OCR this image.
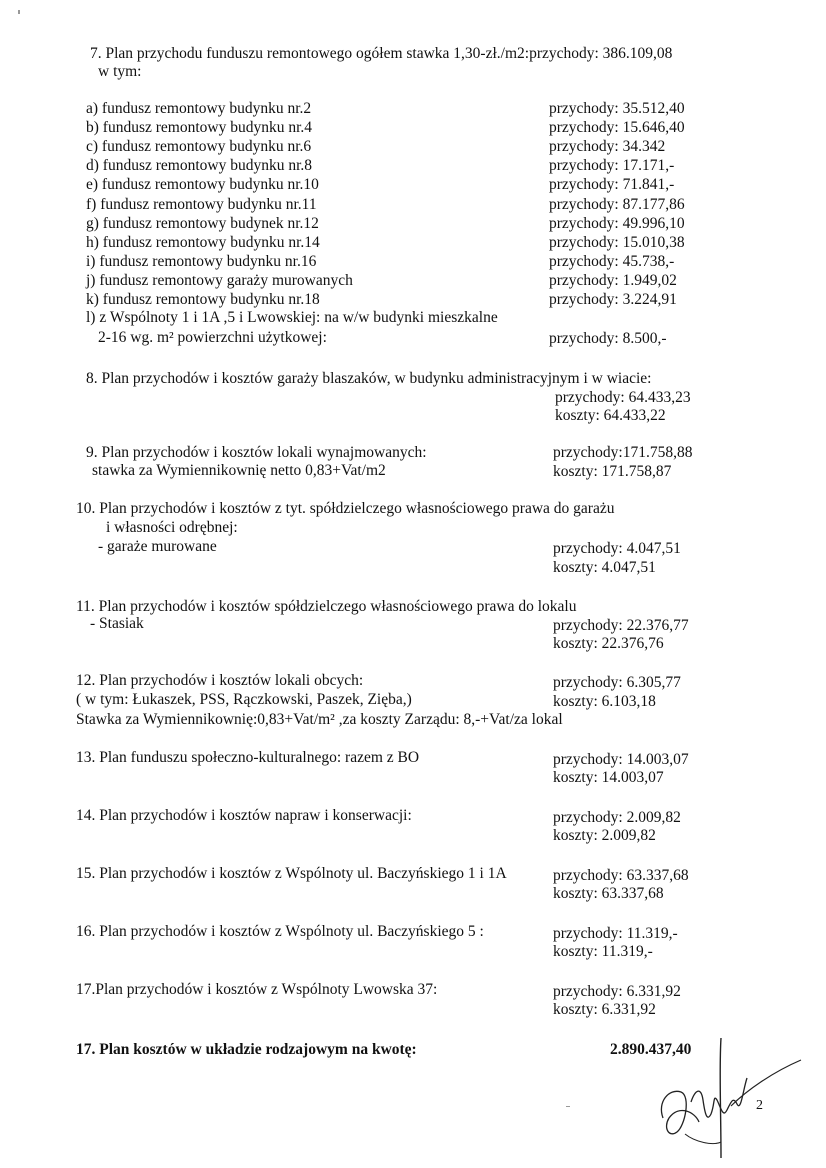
7. Plan przychodu funduszu remontowego ogółem stawka 1,30-zł./m2:przychody: 386.109,08
w tym:
a) fundusz remontowy budynku nr.2	przychody: 35.512,40
b) fundusz remontowy budynku nr.4	przychody: 15.646,40
c) fundusz remontowy budynku nr.6	przychody: 34.342
d) fundusz remontowy budynku nr.8	przychody: 17.171,-
e) fundusz remontowy budynku nr.10	przychody: 71.841,-
f) fundusz remontowy budynku nr.11	przychody: 87.177,86
g) fundusz remontowy budynek nr.12	przychody: 49.996,10
h) fundusz remontowy budynku nr.14	przychody: 15.010,38
i) fundusz remontowy budynku nr.16	przychody: 45.738,-
j) fundusz remontowy garaży murowanych	przychody: 1.949,02
k) fundusz remontowy budynku nr.18	przychody: 3.224,91
l) z Wspólnoty 1 i 1A ,5 i Lwowskiej: na w/w budynki mieszkalne
2-16 wg. m² powierzchni użytkowej:	przychody: 8.500,-
8. Plan przychodów i kosztów garaży blaszaków, w budynku administracyjnym i w wiacie:
przychody: 64.433,23
koszty: 64.433,22
9. Plan przychodów i kosztów lokali wynajmowanych:
stawka za Wymiennikownię netto 0,83+Vat/m2
przychody:171.758,88
koszty: 171.758,87
10. Plan przychodów i kosztów z tyt. spółdzielczego własnościowego prawa do garażu
i własności odrębnej:
- garaże murowane	przychody: 4.047,51
koszty: 4.047,51
11. Plan przychodów i kosztów spółdzielczego własnościowego prawa do lokalu
- Stasiak	przychody: 22.376,77
koszty: 22.376,76
12. Plan przychodów i kosztów lokali obcych:
( w tym: Łukaszek, PSS, Rączkowski, Paszek, Zięba,)
Stawka za Wymiennikownię:0,83+Vat/m² ,za koszty Zarządu: 8,-+Vat/za lokal
przychody: 6.305,77
koszty: 6.103,18
13. Plan funduszu społeczno-kulturalnego: razem z BO	przychody: 14.003,07
koszty: 14.003,07
14. Plan przychodów i kosztów napraw i konserwacji:	przychody: 2.009,82
koszty: 2.009,82
15. Plan przychodów i kosztów z Wspólnoty ul. Baczyńskiego 1 i 1A	przychody: 63.337,68
koszty: 63.337,68
16. Plan przychodów i kosztów z Wspólnoty ul. Baczyńskiego 5 :	przychody: 11.319,-
koszty: 11.319,-
17.Plan przychodów i kosztów z Wspólnoty Lwowska 37:	przychody: 6.331,92
koszty: 6.331,92
17. Plan kosztów w układzie rodzajowym na kwotę:	2.890.437,40
2
